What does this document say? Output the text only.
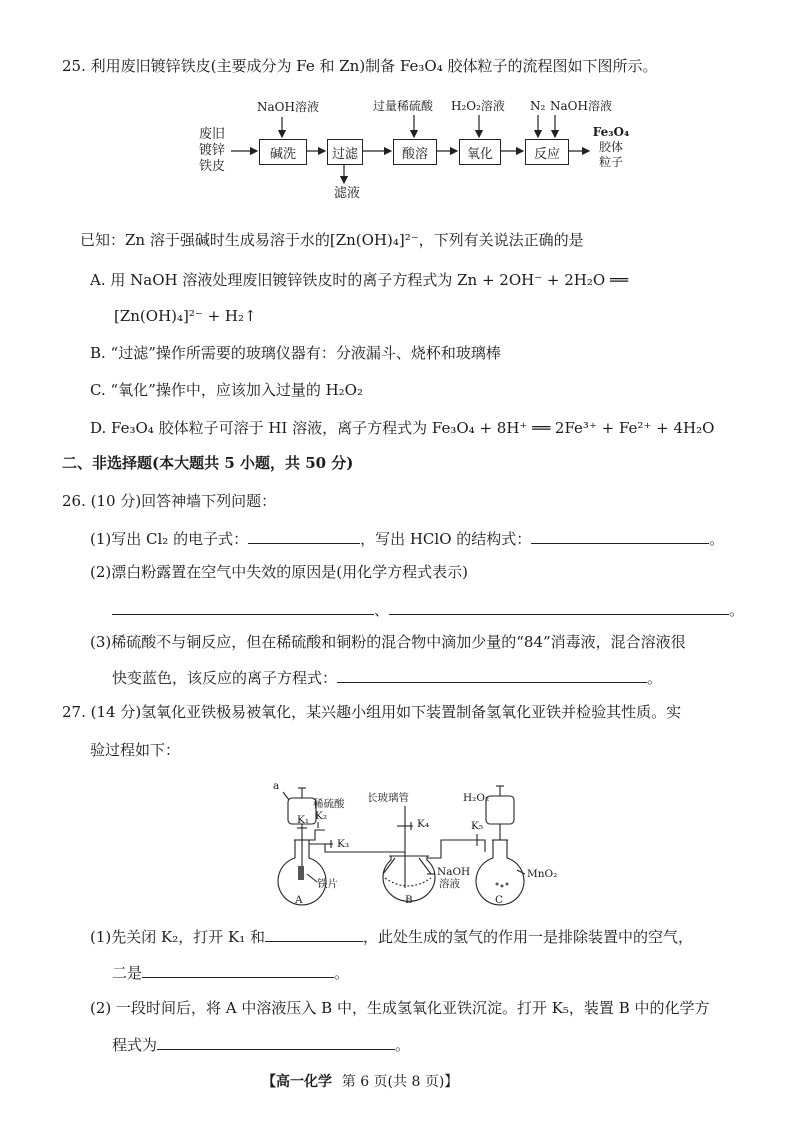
25. 利用废旧镀锌铁皮(主要成分为 Fe 和 Zn)制备 Fe₃O₄ 胶体粒子的流程图如下图所示。
废旧
镀锌
铁皮
碱洗	过滤	酸溶	氧化	反应
NaOH溶液	过量稀硫酸 H₂O₂溶液 N₂ NaOH溶液
滤液
Fe₃O₄
胶体
粒子
已知：Zn 溶于强碱时生成易溶于水的[Zn(OH)₄]²⁻，下列有关说法正确的是
A. 用 NaOH 溶液处理废旧镀锌铁皮时的离子方程式为 Zn + 2OH⁻ + 2H₂O ══
[Zn(OH)₄]²⁻ + H₂↑
B. “过滤”操作所需要的玻璃仪器有：分液漏斗、烧杯和玻璃棒
C. “氧化”操作中，应该加入过量的 H₂O₂
D. Fe₃O₄ 胶体粒子可溶于 HI 溶液，离子方程式为 Fe₃O₄ + 8H⁺ ══ 2Fe³⁺ + Fe²⁺ + 4H₂O
二、非选择题(本大题共 5 小题，共 50 分)
26. (10 分)回答神墙下列问题：
(1)写出 Cl₂ 的电子式：	，写出 HClO 的结构式：	。
(2)漂白粉露置在空气中失效的原因是(用化学方程式表示)
、	。
(3)稀硫酸不与铜反应，但在稀硫酸和铜粉的混合物中滴加少量的“84”消毒液，混合溶液很
快变蓝色，该反应的离子方程式：	。
27. (14 分)氢氧化亚铁极易被氧化，某兴趣小组用如下装置制备氢氧化亚铁并检验其性质。实
验过程如下：
a
稀硫酸 长玻璃管	H₂O₂
K₁ K₂
K₃
K₄	K₅
铁片
NaOH
溶液
MnO₂
A	B	C
(1)先关闭 K₂，打开 K₁ 和	，此处生成的氢气的作用一是排除装置中的空气，
二是	。
(2) 一段时间后，将 A 中溶液压入 B 中，生成氢氧化亚铁沉淀。打开 K₅，装置 B 中的化学方
程式为	。
【高一化学 第 6 页(共 8 页)】
